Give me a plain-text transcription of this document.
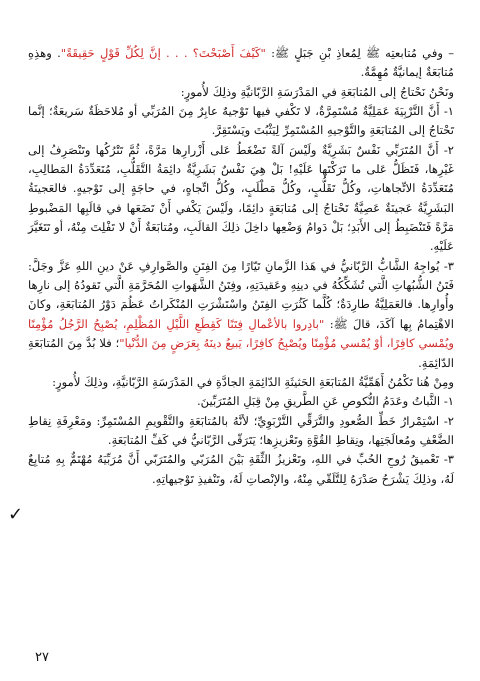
– وفي مُتابعتِه ﷺ لِمُعاذِ بْنِ جَبَلٍ ﷺ: "كَيْفَ أَصْبَحْتَ؟ . . . إنَّ لِكُلِّ قَوْلٍ حَقِيقَةً". وهذِهِ مُتابَعَةٌ إيمانيَّةٌ مُهِمَّةٌ.
ونَحْنُ نَحْتاجُ إلى المُتابَعَةِ في المَدْرَسَةِ الرَّبّانيَّةِ وذلِكَ لأُمورٍ:
١- أَنَّ التَّرْبِيَةَ عَمَلِيَّةٌ مُسْتَمِرَّةٌ، لا تَكْفي فيها تَوْجيهٌ عابِرٌ مِنَ المُرَبِّي أو مُلاحَظَةٌ سَريعَةٌ؛ إنَّما تَحْتاجُ إلى المُتابَعَةِ والتَّوْجيهِ المُسْتَمِرِّ لِيَثْبُتَ ويَسْتَقِرَّ.
٢- أَنَّ المُتَرَبِّي نَفْسٌ بَشَرِيَّةٌ ولَيْسَ آلةً تَضْغَطُ عَلى أَزْرارِها مَرَّةً، ثُمَّ تَتْرُكُها وتَنْصَرِفُ إلى غَيْرِها، فَتَظَلُّ عَلى ما تَرَكْتَها عَلَيْهِ! بَلْ هِيَ نَفْسٌ بَشَرِيَّةٌ دائِمَةُ التَّقَلُّبِ، مُتَعَدِّدَةُ المَطالِبِ، مُتَعَدِّدَةُ الاتِّجاهاتِ، وكُلُّ تَقَلُّبٍ، وكُلُّ مَطْلَبٍ، وكُلُّ اتِّجاهٍ، في حاجَةٍ إلى تَوْجيهٍ. فالعَجينَةُ البَشَرِيَّةُ عَجينَةٌ عَصِيَّةٌ تَحْتاجُ إلى مُتابَعَةٍ دائِمًا، ولَيْسَ يَكْفي أَنْ تَضَعَها في قالَبِها المَضْبوطِ مَرَّةً فَتَنْضَبِطُ إلى الأَبَدِ؛ بَلْ دَوامُ وَضْعِها داخِلَ ذلِكَ القالَبِ، ومُتابَعَةٌ أَنْ لا تَفْلِتَ مِنْهُ، أو تَتَغَيَّرَ عَلَيْهِ.
٣- يُواجِهُ الشَّابُّ الرَّبّانيُّ في هَذا الزَّمانِ تَيّارًا مِنَ الفِتَنِ والصَّوارِفِ عَنْ دينِ اللهِ عَزَّ وجَلَّ: فَتَنُ الشُّبُهاتِ الَّتي تُشَكِّكُهُ في دينِهِ وعَقيدَتِهِ، وفِتَنُ الشَّهَواتِ المُحَرَّمَةِ الَّتي تَقودُهُ إلى نارِها وأُوارِها. فالعَمَلِيَّةُ طارِدَةٌ؛ كُلَّما كَثُرَتِ الفِتَنُ واسْتَشْرَتِ المُنْكَراتُ عَظُمَ دَوْرُ المُتابَعَةِ، وكانَ الاهْتِمامُ بِها آكَدَ، قالَ ﷺ: "بادِروا بالأعْمالِ فِتَنًا كَقِطَعِ اللَّيْلِ المُظْلِمِ، يُصْبِحُ الرَّجُلُ مُؤْمِنًا ويُمْسي كافِرًا، أوْ يُمْسي مُؤْمِنًا ويُصْبِحُ كافِرًا، يَبيعُ دينَهُ بِعَرَضٍ مِنَ الدُّنْيا"؛ فلا بُدَّ مِنَ المُتابَعَةِ الدّائِمَةِ.
ومِنْ هُنا تَكْمُنُ أَهَمِّيَّةُ المُتابَعَةِ الحَثيثَةِ الدّائِمَةِ الجادَّةِ في المَدْرَسَةِ الرَّبّانيَّةِ، وذلِكَ لأُمورٍ:
١- الثَّباتُ وعَدَمُ النُّكوصِ عَنِ الطَّريقِ مِنْ قِبَلِ المُتَرَبِّينَ.
٢- اسْتِمْرارُ خَطِّ الصُّعودِ والتَّرَقِّي التَّرْبَوِيِّ؛ لأنَّهُ بالمُتابَعَةِ والتَّقْويمِ المُسْتَمِرِّ: ومَعْرِفَةِ نِقاطِ الضَّعْفِ ومُعالَجَتِها، ونِقاطِ القُوَّةِ وتَعْزيزِها؛ يَتَرَقّى الرَّبّانيُّ في كَفِّ المُتابَعَةِ.
٣- تَعْميقُ رُوحِ الحُبِّ في اللهِ، وتَعْزيزُ الثِّقَةِ بَيْنَ المُرَبّي والمُتَرَبّي أَنَّ مُرَبِّيَهُ مُهْتَمٌّ بِهِ مُتابِعٌ لَهُ، وذلِكَ يَشْرَحُ صَدْرَهُ لِلتَّلَقّي مِنْهُ، والإنْصاتِ لَهُ، وتَنْفيذِ تَوْجيهاتِهِ.
✓
٢٧
